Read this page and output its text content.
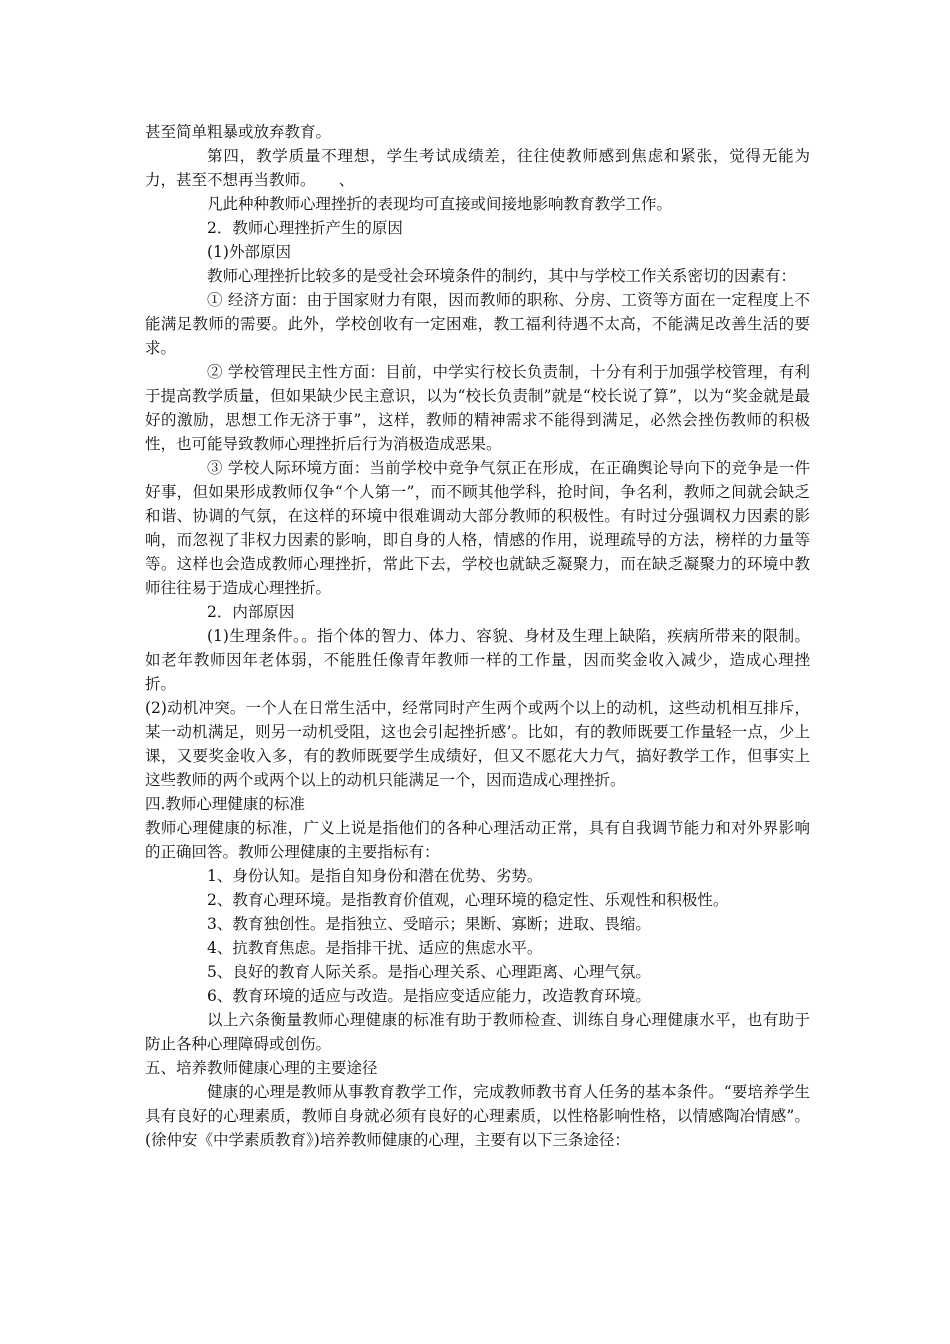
甚至简单粗暴或放弃教育。

第四，教学质量不理想，学生考试成绩差，往往使教师感到焦虑和紧张，觉得无能为力，甚至不想再当教师。　　、

凡此种种教师心理挫折的表现均可直接或间接地影响教育教学工作。

2．教师心理挫折产生的原因

(1)外部原因

教师心理挫折比较多的是受社会环境条件的制约，其中与学校工作关系密切的因素有：

① 经济方面：由于国家财力有限，因而教师的职称、分房、工资等方面在一定程度上不能满足教师的需要。此外，学校创收有一定困难，教工福利待遇不太高，不能满足改善生活的要求。

② 学校管理民主性方面：目前，中学实行校长负责制，十分有利于加强学校管理，有利于提高教学质量，但如果缺少民主意识，以为“校长负责制”就是“校长说了算”，以为“奖金就是最好的激励，思想工作无济于事”，这样，教师的精神需求不能得到满足，必然会挫伤教师的积极性，也可能导致教师心理挫折后行为消极造成恶果。

③ 学校人际环境方面：当前学校中竞争气氛正在形成，在正确舆论导向下的竞争是一件好事，但如果形成教师仅争“个人第一”，而不顾其他学科，抢时间，争名利，教师之间就会缺乏和谐、协调的气氛，在这样的环境中很难调动大部分教师的积极性。有时过分强调权力因素的影响，而忽视了非权力因素的影响，即自身的人格，情感的作用，说理疏导的方法，榜样的力量等等。这样也会造成教师心理挫折，常此下去，学校也就缺乏凝聚力，而在缺乏凝聚力的环境中教师往往易于造成心理挫折。

2．内部原因

(1)生理条件。。指个体的智力、体力、容貌、身材及生理上缺陷，疾病所带来的限制。如老年教师因年老体弱，不能胜任像青年教师一样的工作量，因而奖金收入减少，造成心理挫折。

(2)动机冲突。一个人在日常生活中，经常同时产生两个或两个以上的动机，这些动机相互排斥，某一动机满足，则另一动机受阻，这也会引起挫折感’。比如，有的教师既要工作量轻一点，少上课，又要奖金收入多，有的教师既要学生成绩好，但又不愿花大力气，搞好教学工作，但事实上这些教师的两个或两个以上的动机只能满足一个，因而造成心理挫折。

四.教师心理健康的标准

教师心理健康的标准，广义上说是指他们的各种心理活动正常，具有自我调节能力和对外界影响的正确回答。教师公理健康的主要指标有：

1、身份认知。是指自知身份和潜在优势、劣势。

2、教育心理环境。是指教育价值观，心理环境的稳定性、乐观性和积极性。

3、教育独创性。是指独立、受暗示；果断、寡断；进取、畏缩。

4、抗教育焦虑。是指排干扰、适应的焦虑水平。

5、良好的教育人际关系。是指心理关系、心理距离、心理气氛。

6、教育环境的适应与改造。是指应变适应能力，改造教育环境。

以上六条衡量教师心理健康的标准有助于教师检查、训练自身心理健康水平，也有助于防止各种心理障碍或创伤。

五、培养教师健康心理的主要途径

健康的心理是教师从事教育教学工作，完成教师教书育人任务的基本条件。“要培养学生具有良好的心理素质，教师自身就必须有良好的心理素质，以性格影响性格，以情感陶冶情感”。(徐仲安《中学素质教育》)培养教师健康的心理，主要有以下三条途径：
